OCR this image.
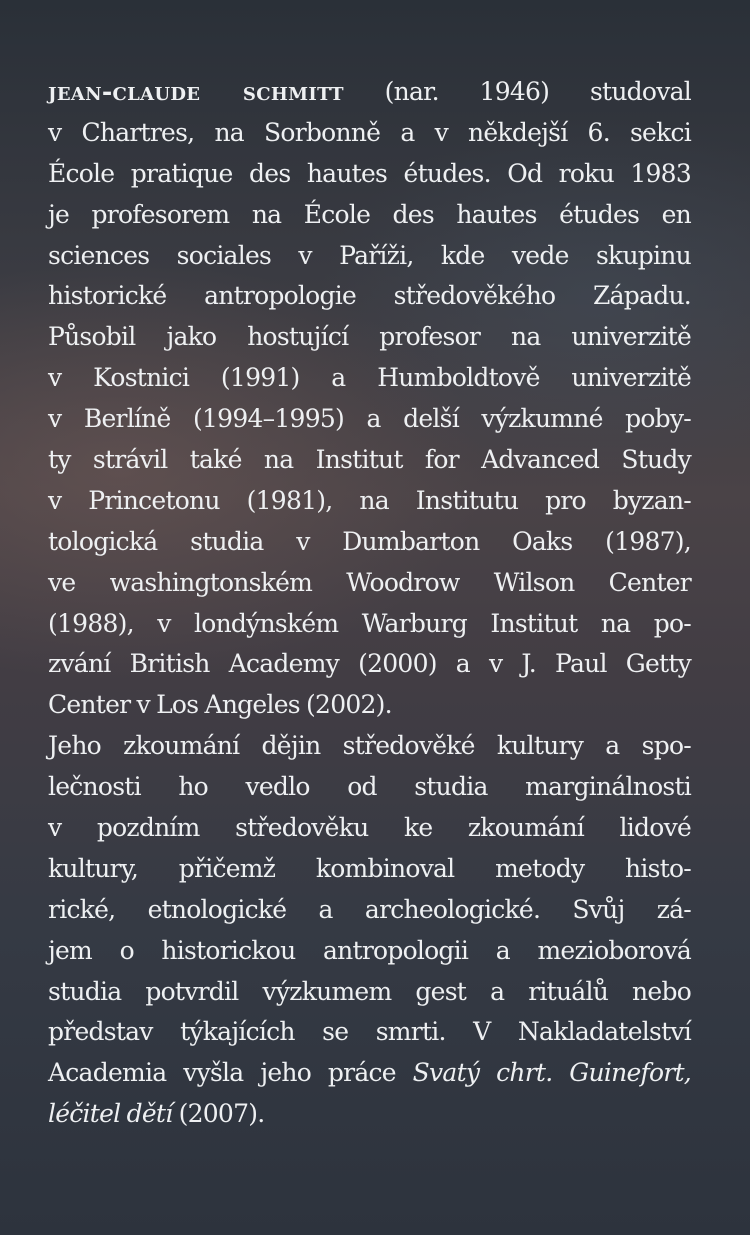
jean-claude schmitt (nar. 1946) studoval
v Chartres, na Sorbonně a v někdejší 6. sekci
École pratique des hautes études. Od roku 1983
je profesorem na École des hautes études en
sciences sociales v Paříži, kde vede skupinu
historické antropologie středověkého Západu.
Působil jako hostující profesor na univerzitě
v Kostnici (1991) a Humboldtově univerzitě
v Berlíně (1994–1995) a delší výzkumné poby-
ty strávil také na Institut for Advanced Study
v Princetonu (1981), na Institutu pro byzan-
tologická studia v Dumbarton Oaks (1987),
ve washingtonském Woodrow Wilson Center
(1988), v londýnském Warburg Institut na po-
zvání British Academy (2000) a v J. Paul Getty
Center v Los Angeles (2002).
Jeho zkoumání dějin středověké kultury a spo-
lečnosti ho vedlo od studia marginálnosti
v pozdním středověku ke zkoumání lidové
kultury, přičemž kombinoval metody histo-
rické, etnologické a archeologické. Svůj zá-
jem o historickou antropologii a mezioborová
studia potvrdil výzkumem gest a rituálů nebo
představ týkajících se smrti. V Nakladatelství
Academia vyšla jeho práce Svatý chrt. Guinefort,
léčitel dětí (2007).
